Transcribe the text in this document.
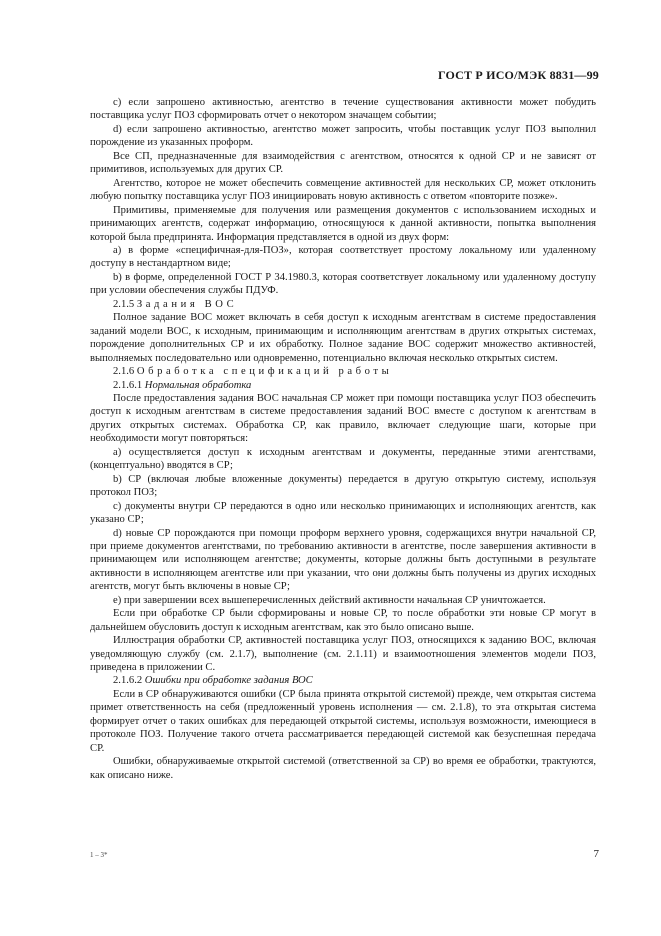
ГОСТ Р ИСО/МЭК 8831—99

c) если запрошено активностью, агентство в течение существования активности может побудить поставщика услуг ПОЗ сформировать отчет о некотором значащем событии;

d) если запрошено активностью, агентство может запросить, чтобы поставщик услуг ПОЗ выполнил порождение из указанных проформ.

Все СП, предназначенные для взаимодействия с агентством, относятся к одной СР и не зависят от примитивов, используемых для других СР.

Агентство, которое не может обеспечить совмещение активностей для нескольких СР, может отклонить любую попытку поставщика услуг ПОЗ инициировать новую активность с ответом «повторите позже».

Примитивы, применяемые для получения или размещения документов с использованием исходных и принимающих агентств, содержат информацию, относящуюся к данной активности, попытка выполнения которой была предпринята. Информация представляется в одной из двух форм:

a) в форме «специфичная-для-ПОЗ», которая соответствует простому локальному или удаленному доступу в нестандартном виде;

b) в форме, определенной ГОСТ Р 34.1980.3, которая соответствует локальному или удаленному доступу при условии обеспечения службы ПДУФ.

2.1.5 Задания ВОС

Полное задание ВОС может включать в себя доступ к исходным агентствам в системе предоставления заданий модели ВОС, к исходным, принимающим и исполняющим агентствам в других открытых системах, порождение дополнительных СР и их обработку. Полное задание ВОС содержит множество активностей, выполняемых последовательно или одновременно, потенциально включая несколько открытых систем.

2.1.6 Обработка спецификаций работы

2.1.6.1 Нормальная обработка

После предоставления задания ВОС начальная СР может при помощи поставщика услуг ПОЗ обеспечить доступ к исходным агентствам в системе предоставления заданий ВОС вместе с доступом к агентствам в других открытых системах. Обработка СР, как правило, включает следующие шаги, которые при необходимости могут повторяться:

a) осуществляется доступ к исходным агентствам и документы, переданные этими агентствами, (концептуально) вводятся в СР;

b) СР (включая любые вложенные документы) передается в другую открытую систему, используя протокол ПОЗ;

c) документы внутри СР передаются в одно или несколько принимающих и исполняющих агентств, как указано СР;

d) новые СР порождаются при помощи проформ верхнего уровня, содержащихся внутри начальной СР, при приеме документов агентствами, по требованию активности в агентстве, после завершения активности в принимающем или исполняющем агентстве; документы, которые должны быть доступными в результате активности в исполняющем агентстве или при указании, что они должны быть получены из других исходных агентств, могут быть включены в новые СР;

e) при завершении всех вышеперечисленных действий активности начальная СР уничтожается.

Если при обработке СР были сформированы и новые СР, то после обработки эти новые СР могут в дальнейшем обусловить доступ к исходным агентствам, как это было описано выше.

Иллюстрация обработки СР, активностей поставщика услуг ПОЗ, относящихся к заданию ВОС, включая уведомляющую службу (см. 2.1.7), выполнение (см. 2.1.11) и взаимоотношения элементов модели ПОЗ, приведена в приложении С.

2.1.6.2 Ошибки при обработке задания ВОС

Если в СР обнаруживаются ошибки (СР была принята открытой системой) прежде, чем открытая система примет ответственность на себя (предложенный уровень исполнения — см. 2.1.8), то эта открытая система формирует отчет о таких ошибках для передающей открытой системы, используя возможности, имеющиеся в протоколе ПОЗ. Получение такого отчета рассматривается передающей системой как безуспешная передача СР.

Ошибки, обнаруживаемые открытой системой (ответственной за СР) во время ее обработки, трактуются, как описано ниже.

1 – 3*	7
